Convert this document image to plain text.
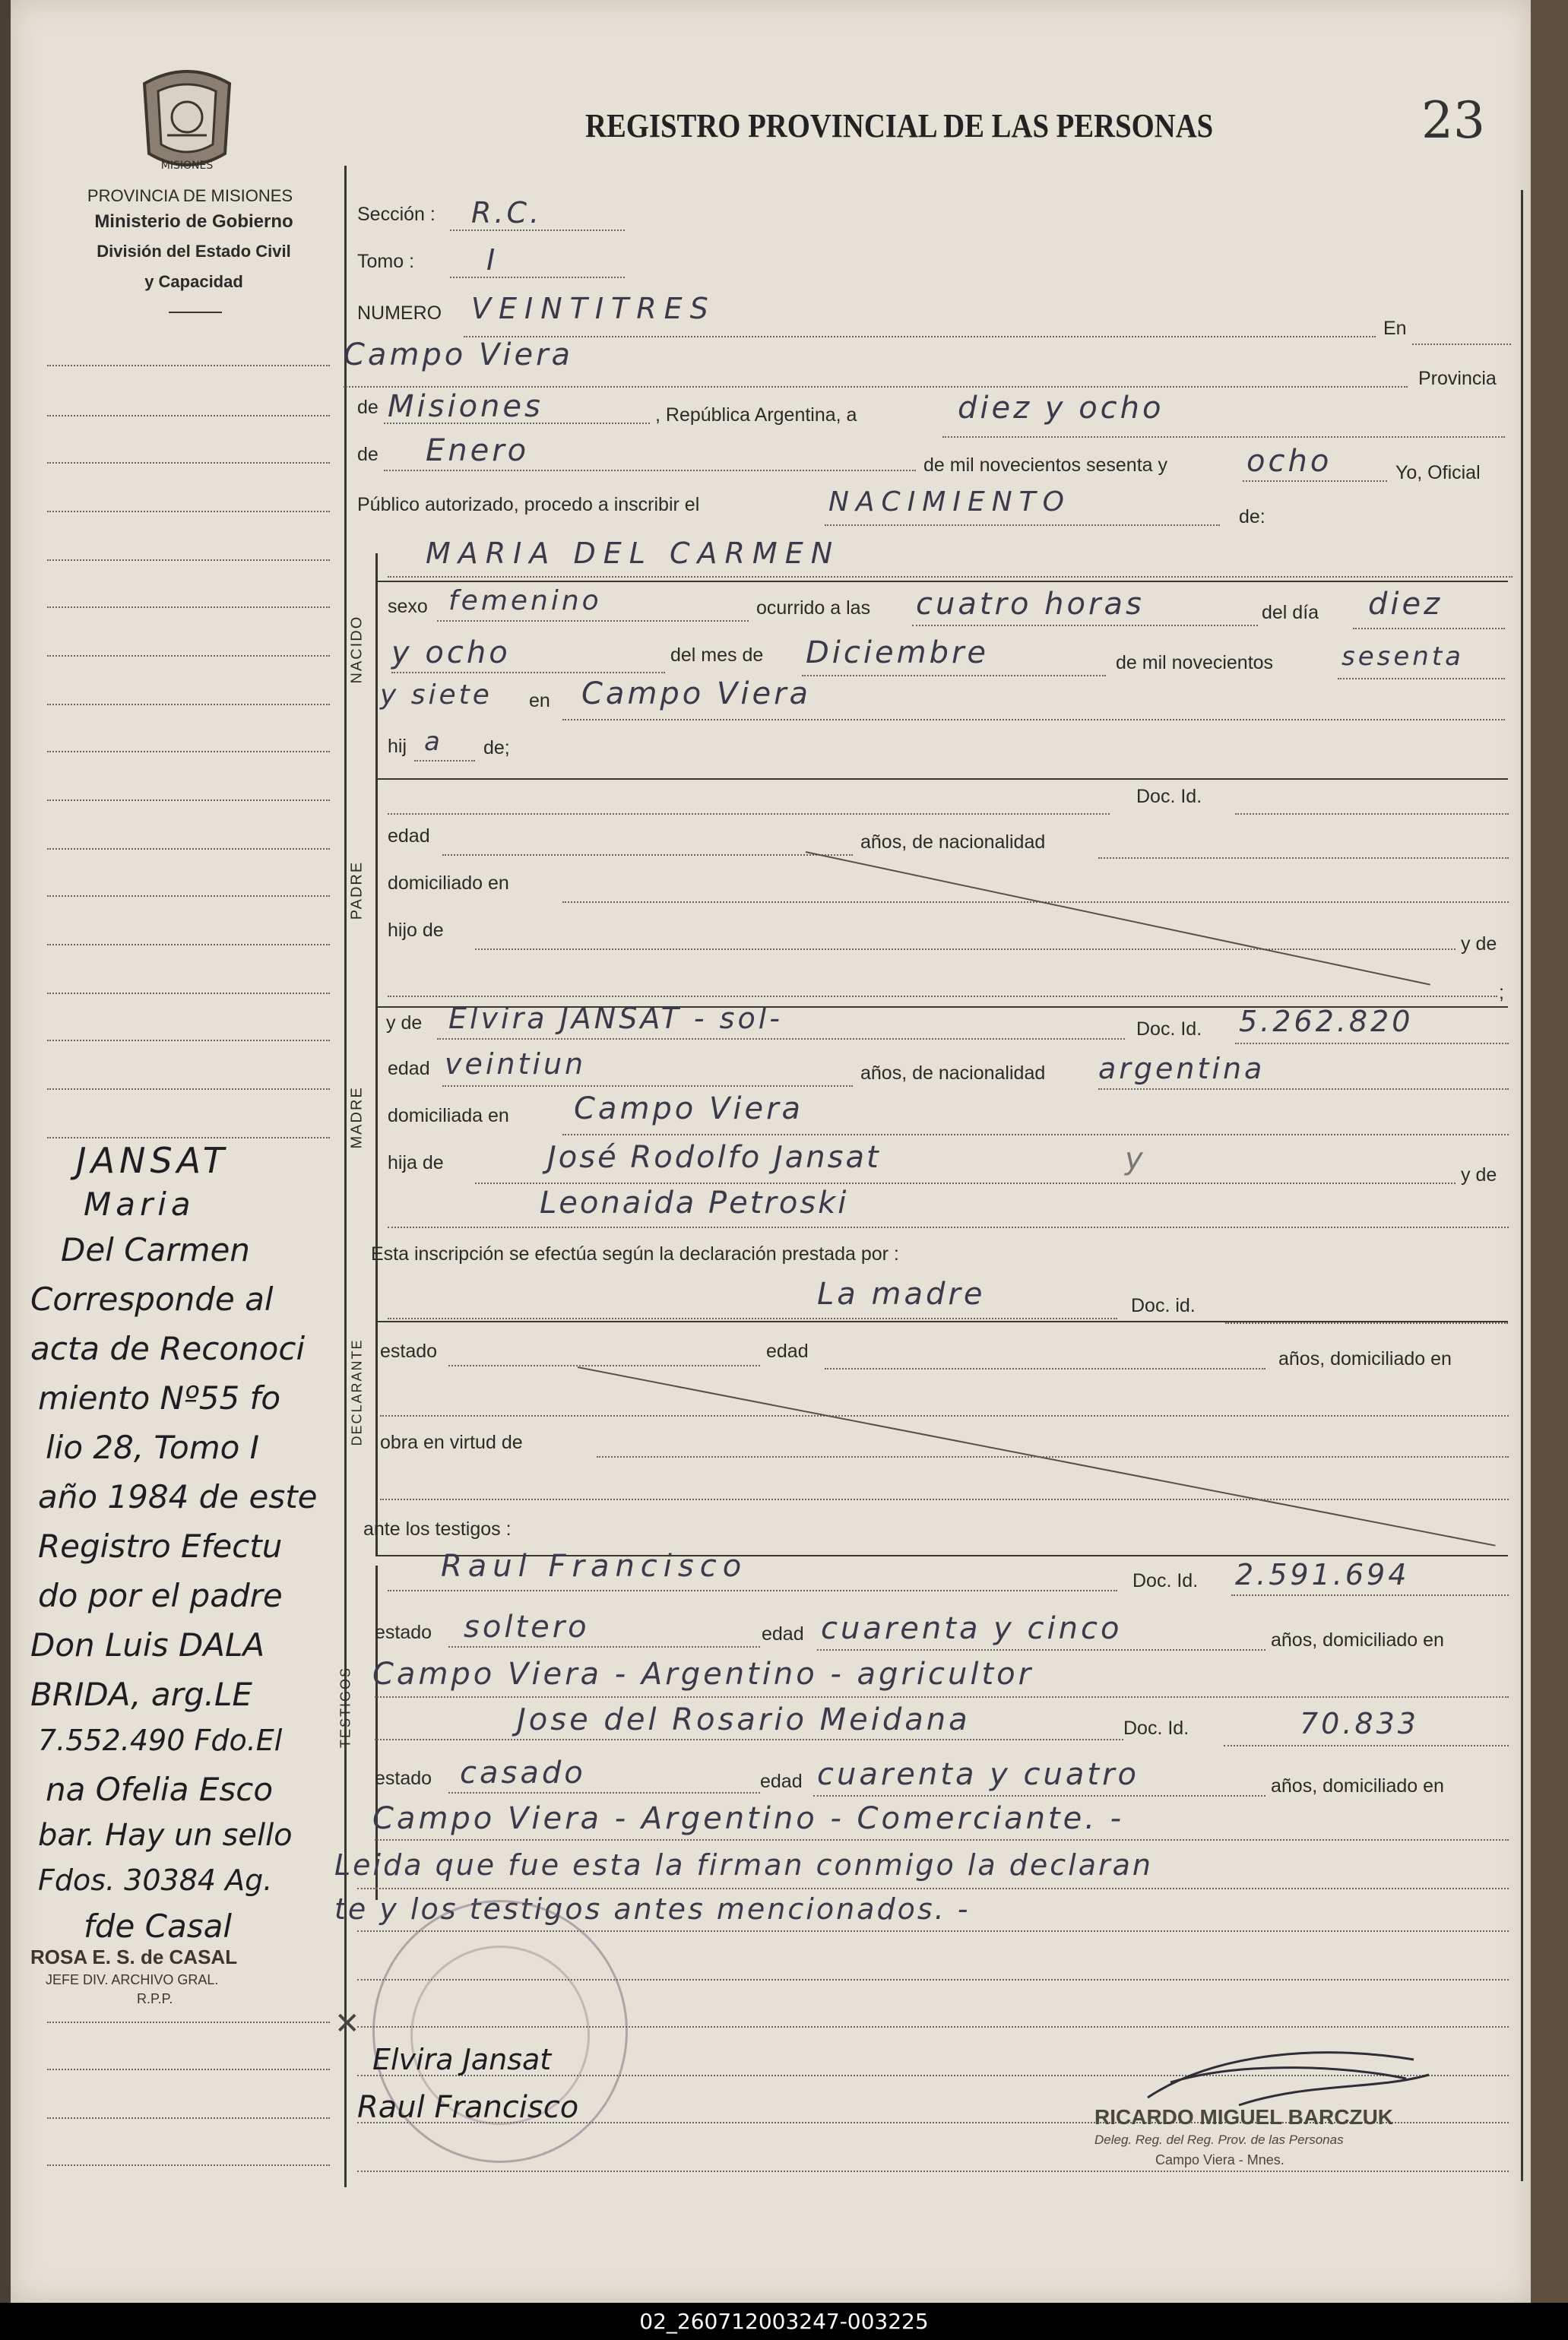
MISIONES
PROVINCIA DE MISIONES
Ministerio de Gobierno
División del Estado Civil
y Capacidad
REGISTRO PROVINCIAL DE LAS PERSONAS	23
JANSAT
Maria
Del Carmen
Corresponde al
acta de Reconoci
miento Nº55 fo
lio 28, Tomo I
año 1984 de este
Registro Efectu
do por el padre
Don Luis DALA
BRIDA, arg.LE
7.552.490 Fdo.El
na Ofelia Esco
bar. Hay un sello
Fdos. 30384 Ag.
fde Casal
ROSA E. S. de CASAL
JEFE DIV. ARCHIVO GRAL.
R.P.P.
Sección : R.C.
Tomo : I
NUMERO VEINTITRES
En
Campo Viera
Provincia
de Misiones	, República Argentina, a	diez y ocho
de Enero	de mil novecientos sesenta y	ocho	Yo, Oficial
Público autorizado, procedo a inscribir el	NACIMIENTO	de:
NACIDO
MARIA DEL CARMEN
sexo femenino	ocurrido a las cuatro horas	del día diez
y ocho	del mes de Diciembre	de mil novecientos	sesenta
y siete en Campo Viera
hij a de;
PADRE
Doc. Id.
edad	años, de nacionalidad
domiciliado en
hijo de
y de
;
MADRE
y de Elvira JANSAT - sol-	Doc. Id. 5.262.820
edad veintiun	años, de nacionalidad argentina
domiciliada en Campo Viera
hija de	José Rodolfo Jansat	y	y de
Leonaida Petroski
Esta inscripción se efectúa según la declaración prestada por :
DECLARANTE
La madre	Doc. id.
estado	edad	años, domiciliado en
obra en virtud de
ante los testigos :
TESTIGOS
Raul Francisco	Doc. Id. 2.591.694
estado soltero	edad cuarenta y cinco	años, domiciliado en
Campo Viera - Argentino - agricultor
Jose del Rosario Meidana	Doc. Id.	70.833
estado casado	edad cuarenta y cuatro	años, domiciliado en
Campo Viera - Argentino - Comerciante. -
Leida que fue esta la firman conmigo la declaran
te y los testigos antes mencionados. -
Elvira Jansat
Raul Francisco
✕
RICARDO MIGUEL BARCZUK
Deleg. Reg. del Reg. Prov. de las Personas
Campo Viera - Mnes.
02_260712003247-003225
